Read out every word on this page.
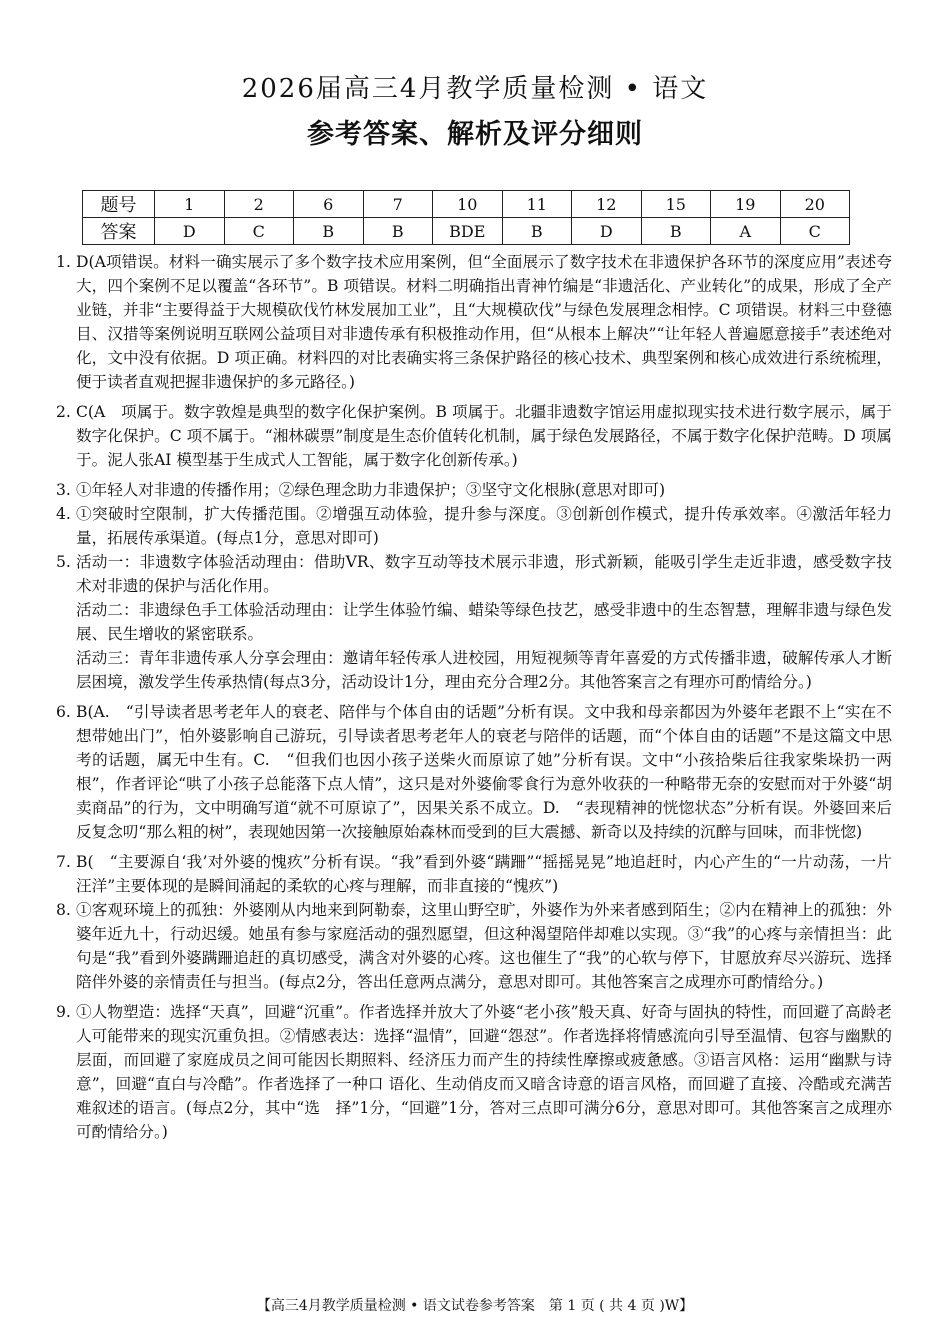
2026届高三4月教学质量检测 • 语文
参考答案、解析及评分细则
题号	1	2	6	7	10	11	12	15	19	20
答案	D	C	B	B	BDE	B	D	B	A	C
1. D(A项错误。材料一确实展示了多个数字技术应用案例，但“全面展示了数字技术在非遗保护各环节的深度应用”表述夸大，四个案例不足以覆盖“各环节”。B 项错误。材料二明确指出青神竹编是“非遗活化、产业转化”的成果，形成了全产业链，并非“主要得益于大规模砍伐竹林发展加工业”，且“大规模砍伐”与绿色发展理念相悖。C 项错误。材料三中登德目、汉措等案例说明互联网公益项目对非遗传承有积极推动作用，但“从根本上解决”“让年轻人普遍愿意接手”表述绝对化，文中没有依据。D 项正确。材料四的对比表确实将三条保护路径的核心技术、典型案例和核心成效进行系统梳理，便于读者直观把握非遗保护的多元路径。)
2. C(A　项属于。数字敦煌是典型的数字化保护案例。B 项属于。北疆非遗数字馆运用虚拟现实技术进行数字展示，属于数字化保护。C 项不属于。“湘林碳票”制度是生态价值转化机制，属于绿色发展路径，不属于数字化保护范畴。D 项属于。泥人张AI 模型基于生成式人工智能，属于数字化创新传承。)
3. ①年轻人对非遗的传播作用；②绿色理念助力非遗保护；③坚守文化根脉(意思对即可)
4. ①突破时空限制，扩大传播范围。②增强互动体验，提升参与深度。③创新创作模式，提升传承效率。④激活年轻力量，拓展传承渠道。(每点1分，意思对即可)
5. 活动一：非遗数字体验活动理由：借助VR、数字互动等技术展示非遗，形式新颖，能吸引学生走近非遗，感受数字技术对非遗的保护与活化作用。
活动二：非遗绿色手工体验活动理由：让学生体验竹编、蜡染等绿色技艺，感受非遗中的生态智慧，理解非遗与绿色发展、民生增收的紧密联系。
活动三：青年非遗传承人分享会理由：邀请年轻传承人进校园，用短视频等青年喜爱的方式传播非遗，破解传承人才断层困境，激发学生传承热情(每点3分，活动设计1分，理由充分合理2分。其他答案言之有理亦可酌情给分。)
6. B(A.　“引导读者思考老年人的衰老、陪伴与个体自由的话题”分析有误。文中我和母亲都因为外婆年老跟不上“实在不想带她出门”，怕外婆影响自己游玩，引导读者思考老年人的衰老与陪伴的话题，而“个体自由的话题”不是这篇文中思考的话题，属无中生有。C.　“但我们也因小孩子送柴火而原谅了她”分析有误。文中“小孩拾柴后往我家柴垛扔一两根”，作者评论“哄了小孩子总能落下点人情”，这只是对外婆偷零食行为意外收获的一种略带无奈的安慰而对于外婆“胡卖商品”的行为，文中明确写道“就不可原谅了”，因果关系不成立。D.　“表现精神的恍惚状态”分析有误。外婆回来后反复念叨“那么粗的树”，表现她因第一次接触原始森林而受到的巨大震撼、新奇以及持续的沉醉与回味，而非恍惚)
7. B(　“主要源自‘我’对外婆的愧疚”分析有误。“我”看到外婆“蹒跚”“摇摇晃晃”地追赶时，内心产生的“一片动荡，一片汪洋”主要体现的是瞬间涌起的柔软的心疼与理解，而非直接的“愧疚”)
8. ①客观环境上的孤独：外婆刚从内地来到阿勒泰，这里山野空旷，外婆作为外来者感到陌生；②内在精神上的孤独：外婆年近九十，行动迟缓。她虽有参与家庭活动的强烈愿望，但这种渴望陪伴却难以实现。③“我”的心疼与亲情担当：此句是“我”看到外婆蹒跚追赶的真切感受，满含对外婆的心疼。这也催生了“我”的心软与停下，甘愿放弃尽兴游玩、选择陪伴外婆的亲情责任与担当。(每点2分，答出任意两点满分，意思对即可。其他答案言之成理亦可酌情给分。)
9. ①人物塑造：选择“天真”，回避“沉重”。作者选择并放大了外婆“老小孩”般天真、好奇与固执的特性，而回避了高龄老人可能带来的现实沉重负担。②情感表达：选择“温情”，回避“怨怼”。作者选择将情感流向引导至温情、包容与幽默的层面，而回避了家庭成员之间可能因长期照料、经济压力而产生的持续性摩擦或疲惫感。③语言风格：运用“幽默与诗意”，回避“直白与冷酷”。作者选择了一种口 语化、生动俏皮而又暗含诗意的语言风格，而回避了直接、冷酷或充满苦难叙述的语言。(每点2分，其中“选　择”1分，“回避”1分，答对三点即可满分6分，意思对即可。其他答案言之成理亦可酌情给分。)
【高三4月教学质量检测 • 语文试卷参考答案　第 1 页 ( 共 4 页 )W】
